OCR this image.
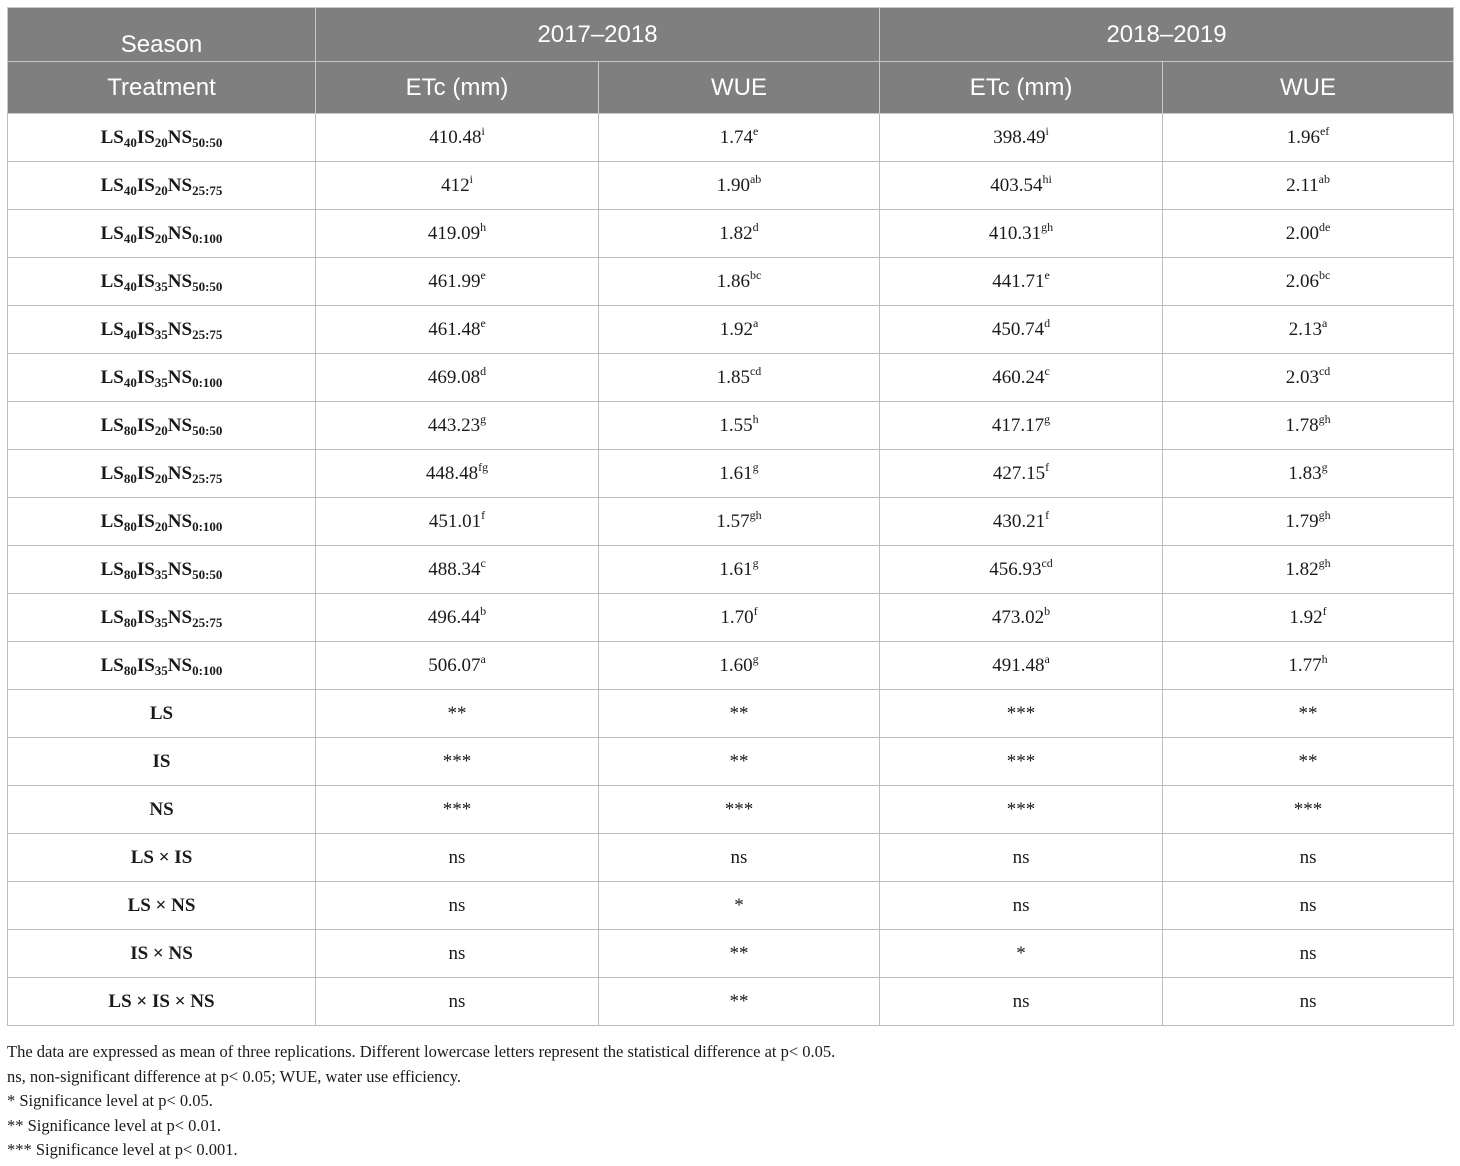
Season	2017–2018		2018–2019	
Treatment	ETc (mm)	WUE	ETc (mm)	WUE
$LS_{40}IS_{20}NS_{50:50}$	410.48$^i$	1.74e	398.49$^i$	1.96$^{ef}$
$LS_{40}IS_{20}NS_{25:75}$	412$^i$	1.90$^{ab}$	$403.54^{hi}$	2.11$^{ab}$
$LS_{40}IS_{20}NS_{0:100}$	419.09$^h$	1.82$^d$	410.31$^{gh}$	2.00de
$LS_{40}IS_{35}NS_{50:50}$	461.99e	1.86$^{bc}$	441.71e	2.06$^{bc}$
$LS_{40}IS_{35}NS_{25:75}$	461.48e	1.92$^a$	450.74$^d$	2.13$^a$
$LS_{40}IS_{35}NS_{0:100}$	469.08$^d$	1.85$^{cd}$	460.24$^c$	2.03$^{cd}$
$LS_{80}IS_{20}NS_{50:50}$	443.23$^g$	1.55$^h$	417.17$^g$	1.78$^{gh}$
$LS_{80}IS_{20}NS_{25:75}$	448.48$^{fg}$	1.61$^g$	427.15$^f$	1.83$^g$
$LS_{80}IS_{20}NS_{0:100}$	451.01$^f$	1.57$^{gh}$	430.21$^f$	1.79$^{gh}$
$LS_{80}IS_{35}NS_{50:50}$	488.34$^c$	1.61$^g$	456.93$^{cd}$	1.82$^{gh}$
$LS_{80}IS_{35}NS_{25:75}$	496.44$^b$	1.70$^f$	473.02$^b$	1.92$^f$
$LS_{80}IS_{35}NS_{0:100}$	506.07$^a$	1.60$^g$	491.48$^a$	1.77$^h$
LS	**	**	***	**
IS	***	**	***	**
NS	***	***	***	***
LS × IS	ns	ns	ns	ns
LS × NS	ns	*	ns	ns
IS × NS	ns	**	*	ns
LS × IS × NS	ns	**	ns	ns
The data are expressed as mean of three replications. Different lowercase letters represent the statistical difference at p< 0.05.
ns, non-significant difference at p< 0.05; WUE, water use efficiency.
* Significance level at p< 0.05.
** Significance level at p< 0.01.
*** Significance level at p< 0.001.
